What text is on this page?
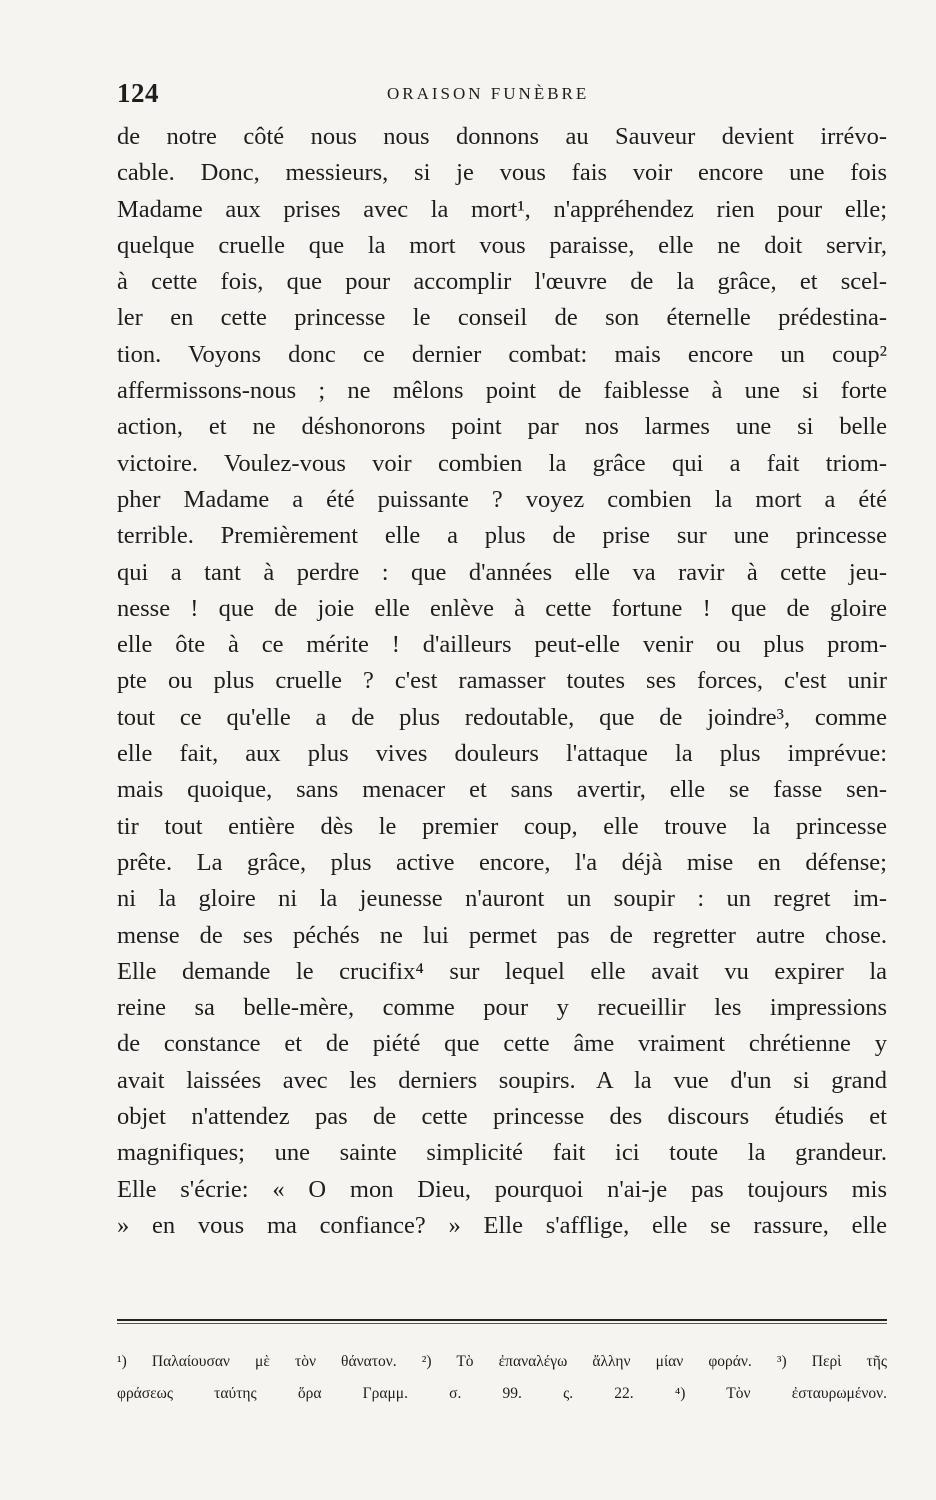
124	ORAISON FUNÈBRE
de notre côté nous nous donnons au Sauveur devient irrévo-
cable. Donc, messieurs, si je vous fais voir encore une fois
Madame aux prises avec la mort¹, n'appréhendez rien pour elle;
quelque cruelle que la mort vous paraisse, elle ne doit servir,
à cette fois, que pour accomplir l'œuvre de la grâce, et scel-
ler en cette princesse le conseil de son éternelle prédestina-
tion. Voyons donc ce dernier combat: mais encore un coup²
affermissons-nous ; ne mêlons point de faiblesse à une si forte
action, et ne déshonorons point par nos larmes une si belle
victoire. Voulez-vous voir combien la grâce qui a fait triom-
pher Madame a été puissante ? voyez combien la mort a été
terrible. Premièrement elle a plus de prise sur une princesse
qui a tant à perdre : que d'années elle va ravir à cette jeu-
nesse ! que de joie elle enlève à cette fortune ! que de gloire
elle ôte à ce mérite ! d'ailleurs peut-elle venir ou plus prom-
pte ou plus cruelle ? c'est ramasser toutes ses forces, c'est unir
tout ce qu'elle a de plus redoutable, que de joindre³, comme
elle fait, aux plus vives douleurs l'attaque la plus imprévue:
mais quoique, sans menacer et sans avertir, elle se fasse sen-
tir tout entière dès le premier coup, elle trouve la princesse
prête. La grâce, plus active encore, l'a déjà mise en défense;
ni la gloire ni la jeunesse n'auront un soupir : un regret im-
mense de ses péchés ne lui permet pas de regretter autre chose.
Elle demande le crucifix⁴ sur lequel elle avait vu expirer la
reine sa belle-mère, comme pour y recueillir les impressions
de constance et de piété que cette âme vraiment chrétienne y
avait laissées avec les derniers soupirs. A la vue d'un si grand
objet n'attendez pas de cette princesse des discours étudiés et
magnifiques; une sainte simplicité fait ici toute la grandeur.
Elle s'écrie: « O mon Dieu, pourquoi n'ai-je pas toujours mis
» en vous ma confiance? » Elle s'afflige, elle se rassure, elle
¹) Παλαίουσαν μὲ τὸν θάνατον. ²) Τὸ ἐπαναλέγω ἄλλην μίαν φοράν. ³) Περὶ τῆς
φράσεως ταύτης ὅρα Γραμμ. σ. 99. ς. 22. ⁴) Τὸν ἐσταυρωμένον.
